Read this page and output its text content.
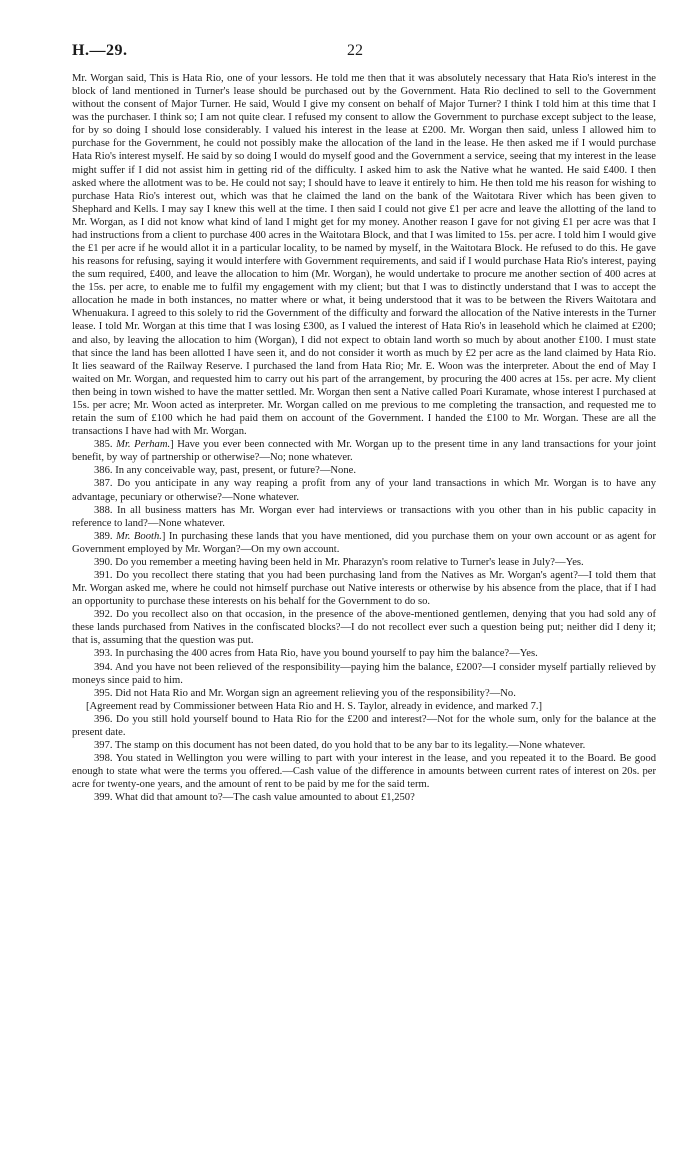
H.—29.	22

Mr. Worgan said, This is Hata Rio, one of your lessors. He told me then that it was absolutely necessary that Hata Rio's interest in the block of land mentioned in Turner's lease should be purchased out by the Government. Hata Rio declined to sell to the Government without the consent of Major Turner. He said, Would I give my consent on behalf of Major Turner? I think I told him at this time that I was the purchaser. I think so; I am not quite clear. I refused my consent to allow the Government to purchase except subject to the lease, for by so doing I should lose considerably. I valued his interest in the lease at £200. Mr. Worgan then said, unless I allowed him to purchase for the Government, he could not possibly make the allocation of the land in the lease. He then asked me if I would purchase Hata Rio's interest myself. He said by so doing I would do myself good and the Government a service, seeing that my interest in the lease might suffer if I did not assist him in getting rid of the difficulty. I asked him to ask the Native what he wanted. He said £400. I then asked where the allotment was to be. He could not say; I should have to leave it entirely to him. He then told me his reason for wishing to purchase Hata Rio's interest out, which was that he claimed the land on the bank of the Waitotara River which has been given to Shephard and Kells. I may say I knew this well at the time. I then said I could not give £1 per acre and leave the allotting of the land to Mr. Worgan, as I did not know what kind of land I might get for my money. Another reason I gave for not giving £1 per acre was that I had instructions from a client to purchase 400 acres in the Waitotara Block, and that I was limited to 15s. per acre. I told him I would give the £1 per acre if he would allot it in a particular locality, to be named by myself, in the Waitotara Block. He refused to do this. He gave his reasons for refusing, saying it would interfere with Government requirements, and said if I would purchase Hata Rio's interest, paying the sum required, £400, and leave the allocation to him (Mr. Worgan), he would undertake to procure me another section of 400 acres at the 15s. per acre, to enable me to fulfil my engagement with my client; but that I was to distinctly understand that I was to accept the allocation he made in both instances, no matter where or what, it being understood that it was to be between the Rivers Waitotara and Whenuakura. I agreed to this solely to rid the Government of the difficulty and forward the allocation of the Native interests in the Turner lease. I told Mr. Worgan at this time that I was losing £300, as I valued the interest of Hata Rio's in leasehold which he claimed at £200; and also, by leaving the allocation to him (Worgan), I did not expect to obtain land worth so much by about another £100. I must state that since the land has been allotted I have seen it, and do not consider it worth as much by £2 per acre as the land claimed by Hata Rio. It lies seaward of the Railway Reserve. I purchased the land from Hata Rio; Mr. E. Woon was the interpreter. About the end of May I waited on Mr. Worgan, and requested him to carry out his part of the arrangement, by procuring the 400 acres at 15s. per acre. My client then being in town wished to have the matter settled. Mr. Worgan then sent a Native called Poari Kuramate, whose interest I purchased at 15s. per acre; Mr. Woon acted as interpreter. Mr. Worgan called on me previous to me completing the transaction, and requested me to retain the sum of £100 which he had paid them on account of the Government. I handed the £100 to Mr. Worgan. These are all the transactions I have had with Mr. Worgan.

385. Mr. Perham.] Have you ever been connected with Mr. Worgan up to the present time in any land transactions for your joint benefit, by way of partnership or otherwise?—No; none whatever.

386. In any conceivable way, past, present, or future?—None.

387. Do you anticipate in any way reaping a profit from any of your land transactions in which Mr. Worgan is to have any advantage, pecuniary or otherwise?—None whatever.

388. In all business matters has Mr. Worgan ever had interviews or transactions with you other than in his public capacity in reference to land?—None whatever.

389. Mr. Booth.] In purchasing these lands that you have mentioned, did you purchase them on your own account or as agent for Government employed by Mr. Worgan?—On my own account.

390. Do you remember a meeting having been held in Mr. Pharazyn's room relative to Turner's lease in July?—Yes.

391. Do you recollect there stating that you had been purchasing land from the Natives as Mr. Worgan's agent?—I told them that Mr. Worgan asked me, where he could not himself purchase out Native interests or otherwise by his absence from the place, that if I had an opportunity to purchase these interests on his behalf for the Government to do so.

392. Do you recollect also on that occasion, in the presence of the above-mentioned gentlemen, denying that you had sold any of these lands purchased from Natives in the confiscated blocks?—I do not recollect ever such a question being put; neither did I deny it; that is, assuming that the question was put.

393. In purchasing the 400 acres from Hata Rio, have you bound yourself to pay him the balance?—Yes.

394. And you have not been relieved of the responsibility—paying him the balance, £200?—I consider myself partially relieved by moneys since paid to him.

395. Did not Hata Rio and Mr. Worgan sign an agreement relieving you of the responsibility?—No.

[Agreement read by Commissioner between Hata Rio and H. S. Taylor, already in evidence, and marked 7.]

396. Do you still hold yourself bound to Hata Rio for the £200 and interest?—Not for the whole sum, only for the balance at the present date.

397. The stamp on this document has not been dated, do you hold that to be any bar to its legality.—None whatever.

398. You stated in Wellington you were willing to part with your interest in the lease, and you repeated it to the Board. Be good enough to state what were the terms you offered.—Cash value of the difference in amounts between current rates of interest on 20s. per acre for twenty-one years, and the amount of rent to be paid by me for the said term.

399. What did that amount to?—The cash value amounted to about £1,250?
